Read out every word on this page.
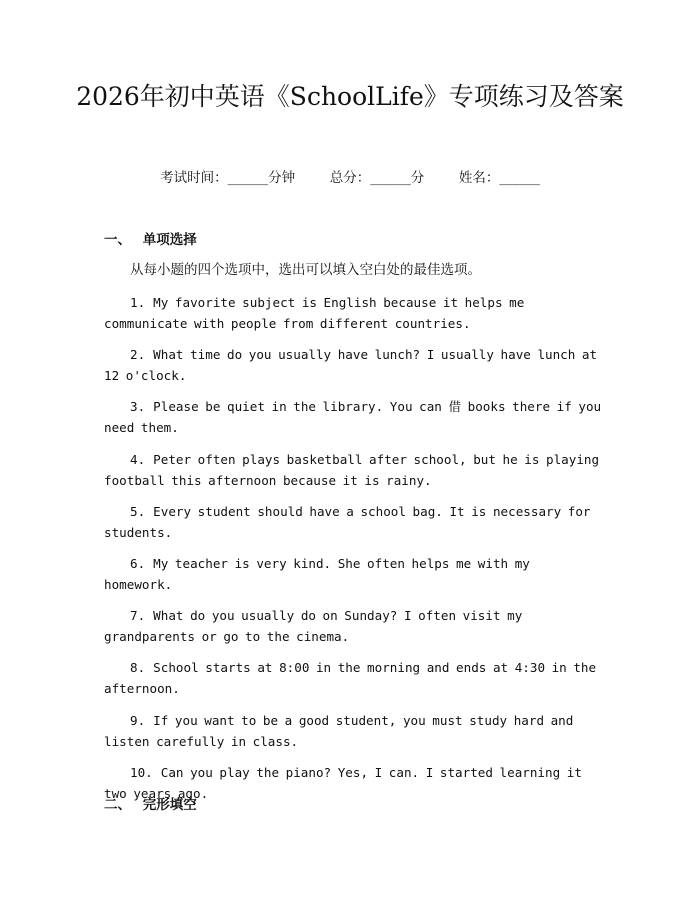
2026年初中英语《SchoolLife》专项练习及答案
考试时间：______分钟	总分：______分	姓名：______
一、 单项选择
从每小题的四个选项中，选出可以填入空白处的最佳选项。
1. My favorite subject is English because it helps me communicate with people from different countries.
2. What time do you usually have lunch? I usually have lunch at 12 o'clock.
3. Please be quiet in the library. You can 借 books there if you need them.
4. Peter often plays basketball after school, but he is playing football this afternoon because it is rainy.
5. Every student should have a school bag. It is necessary for students.
6. My teacher is very kind. She often helps me with my homework.
7. What do you usually do on Sunday? I often visit my grandparents or go to the cinema.
8. School starts at 8:00 in the morning and ends at 4:30 in the afternoon.
9. If you want to be a good student, you must study hard and listen carefully in class.
10. Can you play the piano? Yes, I can. I started learning it two years ago.
二、 完形填空
